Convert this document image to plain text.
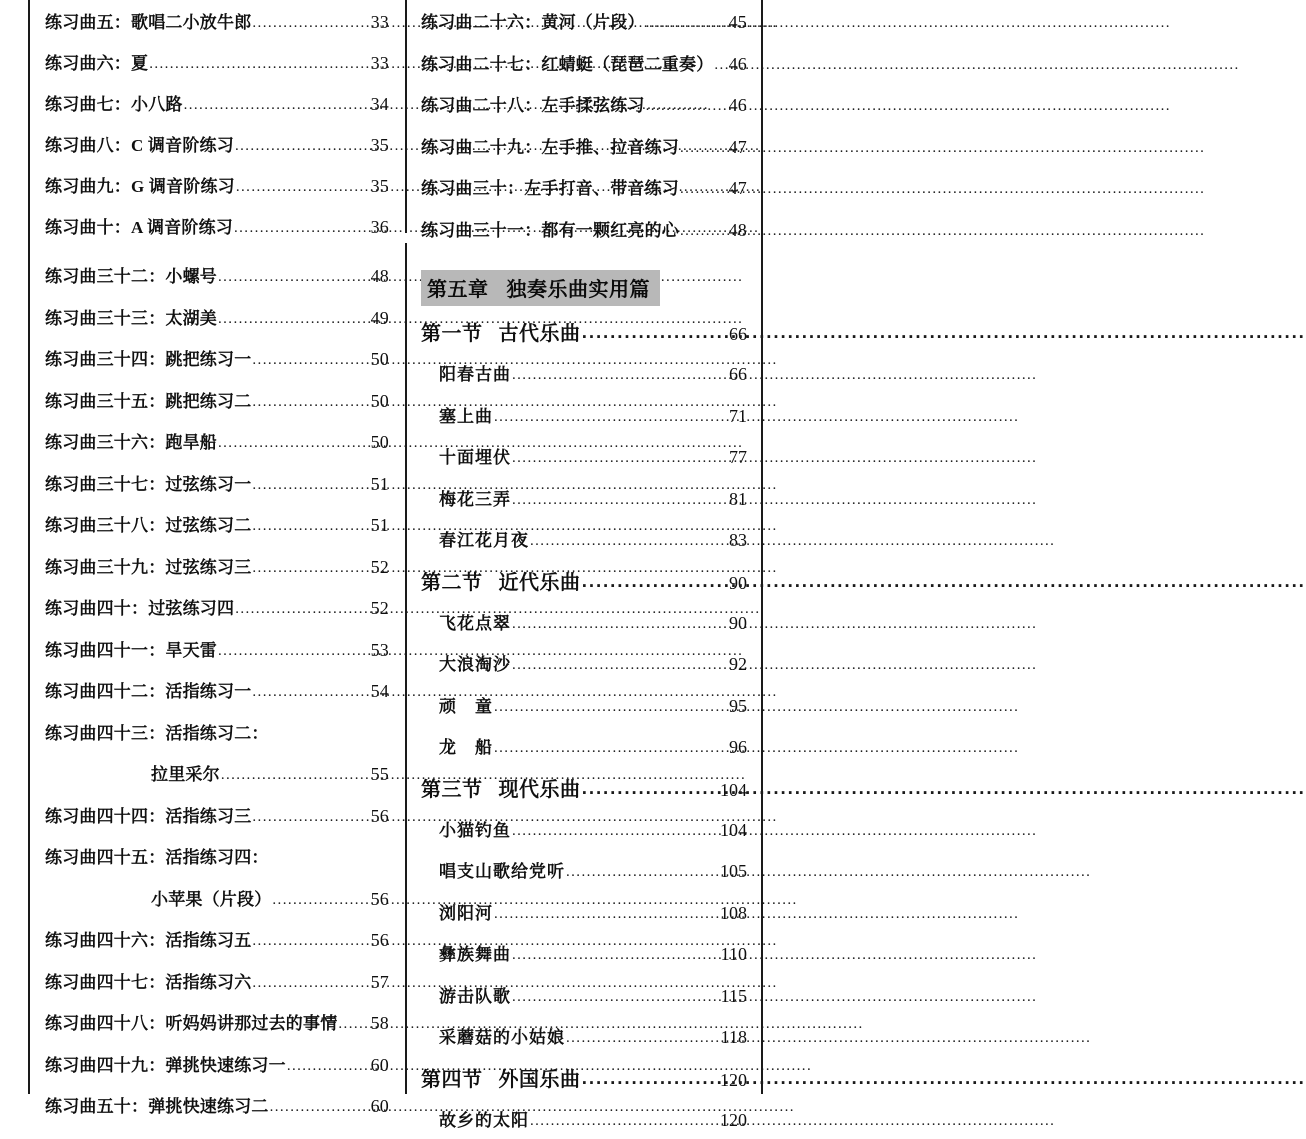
练习曲五：歌唱二小放牛郎 .....	33
练习曲六：夏 .....	33
练习曲七：小八路 .....	34
练习曲八：C 调音阶练习 .....	35
练习曲九：G 调音阶练习 .....	35
练习曲十：A 调音阶练习 .....	36
练习曲三十二：小螺号 .....	48
练习曲三十三：太湖美 .....	49
练习曲三十四：跳把练习一 .....	50
练习曲三十五：跳把练习二 .....	50
练习曲三十六：跑旱船 .....	50
练习曲三十七：过弦练习一 .....	51
练习曲三十八：过弦练习二 .....	51
练习曲三十九：过弦练习三 .....	52
练习曲四十：过弦练习四 .....	52
练习曲四十一：旱天雷 .....	53
练习曲四十二：活指练习一 .....	54
练习曲四十三：活指练习二：
拉里采尔 .....	55
练习曲四十四：活指练习三 .....	56
练习曲四十五：活指练习四：
小苹果（片段） .....	56
练习曲四十六：活指练习五 .....	56
练习曲四十七：活指练习六 .....	57
练习曲四十八：听妈妈讲那过去的事情 ..... 58
练习曲四十九：弹挑快速练习一 .....	60
练习曲五十：弹挑快速练习二 .....	60
练习曲二十六：黄河（片段） .....	45
练习曲二十七：红蜻蜓（琵琶二重奏） ..... 46
练习曲二十八：左手揉弦练习 .....	46
练习曲二十九：左手推、拉音练习 .....	47
练习曲三十：左手打音、带音练习 .....	47
练习曲三十一：都有一颗红亮的心 .....	48
第五章 独奏乐曲实用篇
第一节 古代乐曲 .....	66
阳春古曲 .....	66
塞上曲 .....	71
十面埋伏 .....	77
梅花三弄 .....	81
春江花月夜 .....	83
第二节 近代乐曲 .....	90
飞花点翠 .....	90
大浪淘沙 .....	92
顽　童 .....	95
龙　船 .....	96
第三节 现代乐曲 .....	104
小猫钓鱼 .....	104
唱支山歌给党听 .....	105
浏阳河 .....	108
彝族舞曲 .....	110
游击队歌 .....	115
采蘑菇的小姑娘 .....	118
第四节 外国乐曲 .....	120
故乡的太阳 .....	120
